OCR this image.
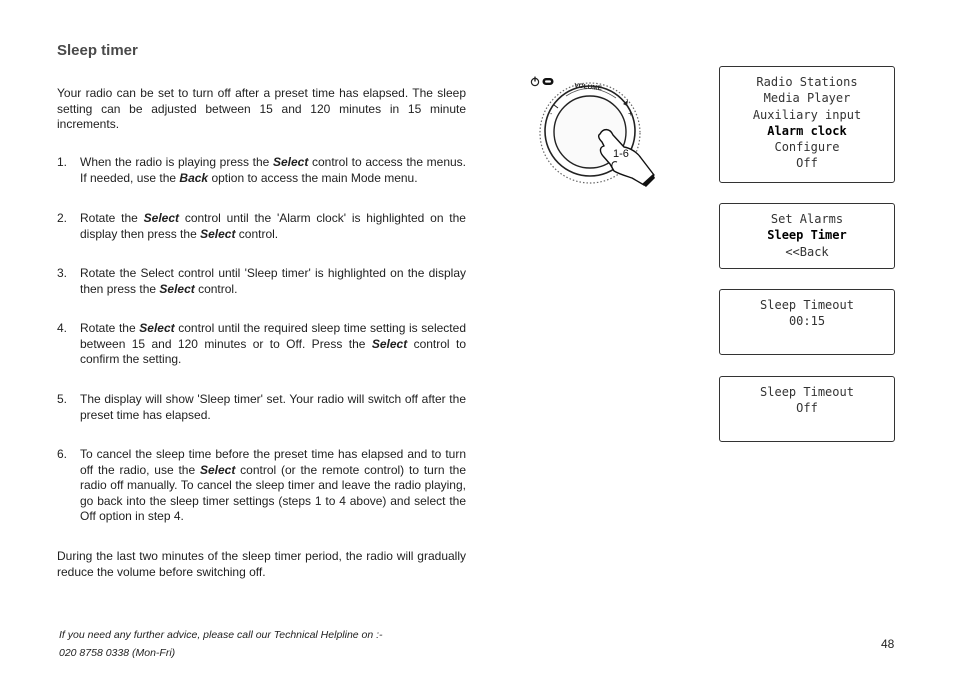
Sleep timer
Your radio can be set to turn off after a preset time has elapsed. The sleep setting can be adjusted between 15 and 120 minutes in 15 minute increments.
1. When the radio is playing press the Select control to access the menus. If needed, use the Back option to access the main Mode menu.
2. Rotate the Select control until the 'Alarm clock' is highlighted on the display then press the Select control.
3. Rotate the Select control until 'Sleep timer' is highlighted on the display then press the Select control.
4. Rotate the Select control until the required sleep time setting is selected between 15 and 120 minutes or to Off. Press the Select control to confirm the setting.
5. The display will show 'Sleep timer' set. Your radio will switch off after the preset time has elapsed.
6. To cancel the sleep time before the preset time has elapsed and to turn off the radio, use the Select control (or the remote control) to turn the radio off manually. To cancel the sleep timer and leave the radio playing, go back into the sleep timer settings (steps 1 to 4 above) and select the Off option in step 4.
During the last two minutes of the sleep timer period, the radio will gradually reduce the volume before switching off.
If you need any further advice, please call our Technical Helpline on :-
020 8758 0338 (Mon-Fri)
48
VOLUME
-	+
1-6
Radio Stations
Media Player
Auxiliary input
Alarm clock
Configure
Off
Set Alarms
Sleep Timer
<<Back
Sleep Timeout
00:15
Sleep Timeout
Off
